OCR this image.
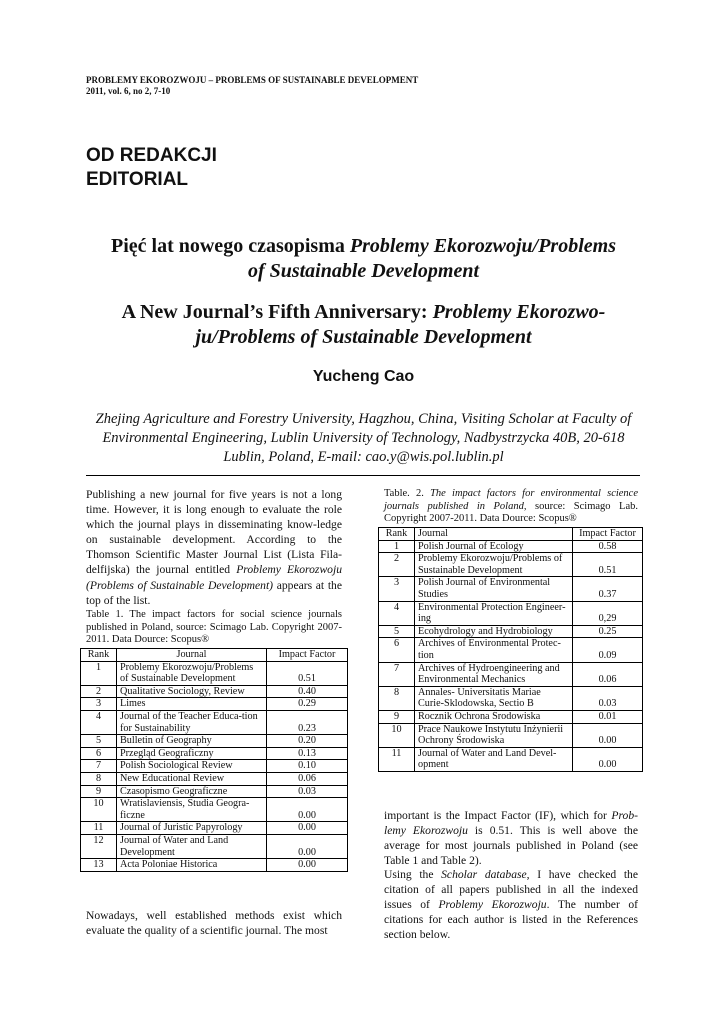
PROBLEMY EKOROZWOJU – PROBLEMS OF SUSTAINABLE DEVELOPMENT
2011, vol. 6, no 2, 7-10
OD REDAKCJI
EDITORIAL
Pięć lat nowego czasopisma Problemy Ekorozwoju/Problems
of Sustainable Development
A New Journal’s Fifth Anniversary: Problemy Ekorozwo-
ju/Problems of Sustainable Development
Yucheng Cao
Zhejing Agriculture and Forestry University, Hagzhou, China, Visiting Scholar at Faculty of
Environmental Engineering, Lublin University of Technology, Nadbystrzycka 40B, 20-618
Lublin, Poland, E-mail: cao.y@wis.pol.lublin.pl
Publishing a new journal for five years is not a long time. However, it is long enough to evaluate the role which the journal plays in disseminating know-ledge on sustainable development. According to the Thomson Scientific Master Journal List (Lista Fila-delfijska) the journal entitled Problemy Ekorozwoju (Problems of Sustainable Development) appears at the top of the list.
Table 1. The impact factors for social science journals published in Poland, source: Scimago Lab. Copyright 2007-2011. Data Dource: Scopus®
Rank	Journal	Impact Factor
1	Problemy Ekorozwoju/Problems of Sustainable Development	0.51
2	Qualitative Sociology, Review	0.40
3	Limes	0.29
4	Journal of the Teacher Educa-tion for Sustainability	0.23
5	Bulletin of Geography	0.20
6	Przegląd Geograficzny	0.13
7	Polish Sociological Review	0.10
8	New Educational Review	0.06
9	Czasopismo Geograficzne	0.03
10	Wratislaviensis, Studia Geogra-ficzne	0.00
11	Journal of Juristic Papyrology	0.00
12	Journal of Water and Land Development	0.00
13	Acta Poloniae Historica	0.00
Nowadays, well established methods exist which evaluate the quality of a scientific journal. The most
Table. 2. The impact factors for environmental science journals published in Poland, source: Scimago Lab. Copyright 2007-2011. Data Dource: Scopus®
Rank	Journal	Impact Factor
1	Polish Journal of Ecology	0.58
2	Problemy Ekorozwoju/Problems of Sustainable Development	0.51
3	Polish Journal of Environmental Studies	0.37
4	Environmental Protection Engineer-ing	0,29
5	Ecohydrology and Hydrobiology	0.25
6	Archives of Environmental Protec-tion	0.09
7	Archives of Hydroengineering and Environmental Mechanics	0.06
8	Annales- Universitatis Mariae Curie-Sklodowska, Sectio B	0.03
9	Rocznik Ochrona Środowiska	0.01
10	Prace Naukowe Instytutu Inżynierii Ochrony Środowiska	0.00
11	Journal of Water and Land Devel-opment	0.00
important is the Impact Factor (IF), which for Prob-lemy Ekorozwoju is 0.51. This is well above the average for most journals published in Poland (see Table 1 and Table 2).
Using the Scholar database, I have checked the citation of all papers published in all the indexed issues of Problemy Ekorozwoju. The number of citations for each author is listed in the References section below.
